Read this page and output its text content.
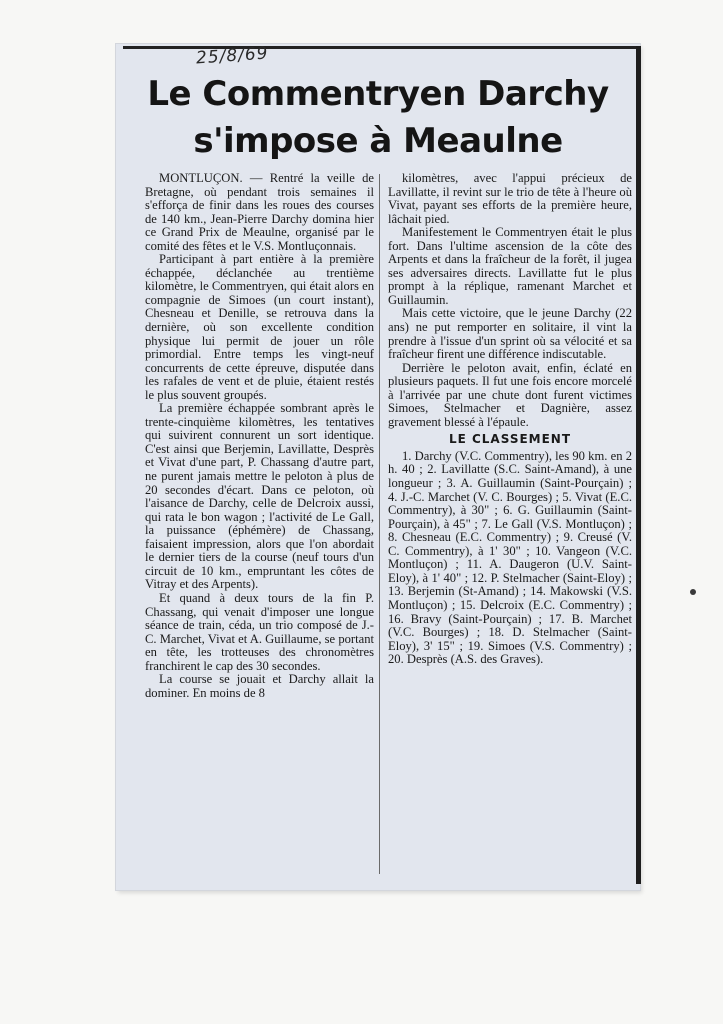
25/8/69
Le Commentryen Darchy
s'impose à Meaulne

MONTLUÇON. — Rentré la veille de Bretagne, où pendant trois semaines il s'efforça de finir dans les roues des courses de 140 km., Jean-Pierre Darchy domina hier ce Grand Prix de Meaulne, organisé par le comité des fêtes et le V.S. Montluçonnais.

Participant à part entière à la première échappée, déclanchée au trentième kilomètre, le Commentryen, qui était alors en compagnie de Simoes (un court instant), Chesneau et Denille, se retrouva dans la dernière, où son excellente condition physique lui permit de jouer un rôle primordial. Entre temps les vingt-neuf concurrents de cette épreuve, disputée dans les rafales de vent et de pluie, étaient restés le plus souvent groupés.

La première échappée sombrant après le trente-cinquième kilomètres, les tentatives qui suivirent connurent un sort identique. C'est ainsi que Berjemin, Lavillatte, Desprès et Vivat d'une part, P. Chassang d'autre part, ne purent jamais mettre le peloton à plus de 20 secondes d'écart. Dans ce peloton, où l'aisance de Darchy, celle de Delcroix aussi, qui rata le bon wagon ; l'activité de Le Gall, la puissance (éphémère) de Chassang, faisaient impression, alors que l'on abordait le dernier tiers de la course (neuf tours d'un circuit de 10 km., empruntant les côtes de Vitray et des Arpents).

Et quand à deux tours de la fin P. Chassang, qui venait d'imposer une longue séance de train, céda, un trio composé de J.-C. Marchet, Vivat et A. Guillaume, se portant en tête, les trotteuses des chronomètres franchirent le cap des 30 secondes.

La course se jouait et Darchy allait la dominer. En moins de 8

kilomètres, avec l'appui précieux de Lavillatte, il revint sur le trio de tête à l'heure où Vivat, payant ses efforts de la première heure, lâchait pied.

Manifestement le Commentryen était le plus fort. Dans l'ultime ascension de la côte des Arpents et dans la fraîcheur de la forêt, il jugea ses adversaires directs. Lavillatte fut le plus prompt à la réplique, ramenant Marchet et Guillaumin.

Mais cette victoire, que le jeune Darchy (22 ans) ne put remporter en solitaire, il vint la prendre à l'issue d'un sprint où sa vélocité et sa fraîcheur firent une différence indiscutable.

Derrière le peloton avait, enfin, éclaté en plusieurs paquets. Il fut une fois encore morcelé à l'arrivée par une chute dont furent victimes Simoes, Stelmacher et Dagnière, assez gravement blessé à l'épaule.

LE CLASSEMENT

1. Darchy (V.C. Commentry), les 90 km. en 2 h. 40 ; 2. Lavillatte (S.C. Saint-Amand), à une longueur ; 3. A. Guillaumin (Saint-Pourçain) ; 4. J.-C. Marchet (V. C. Bourges) ; 5. Vivat (E.C. Commentry), à 30" ; 6. G. Guillaumin (Saint-Pourçain), à 45" ; 7. Le Gall (V.S. Montluçon) ; 8. Chesneau (E.C. Commentry) ; 9. Creusé (V. C. Commentry), à 1' 30" ; 10. Vangeon (V.C. Montluçon) ; 11. A. Daugeron (U.V. Saint-Eloy), à 1' 40" ; 12. P. Stelmacher (Saint-Eloy) ; 13. Berjemin (St-Amand) ; 14. Makowski (V.S. Montluçon) ; 15. Delcroix (E.C. Commentry) ; 16. Bravy (Saint-Pourçain) ; 17. B. Marchet (V.C. Bourges) ; 18. D. Stelmacher (Saint-Eloy), 3' 15" ; 19. Simoes (V.S. Commentry) ; 20. Desprès (A.S. des Graves).
